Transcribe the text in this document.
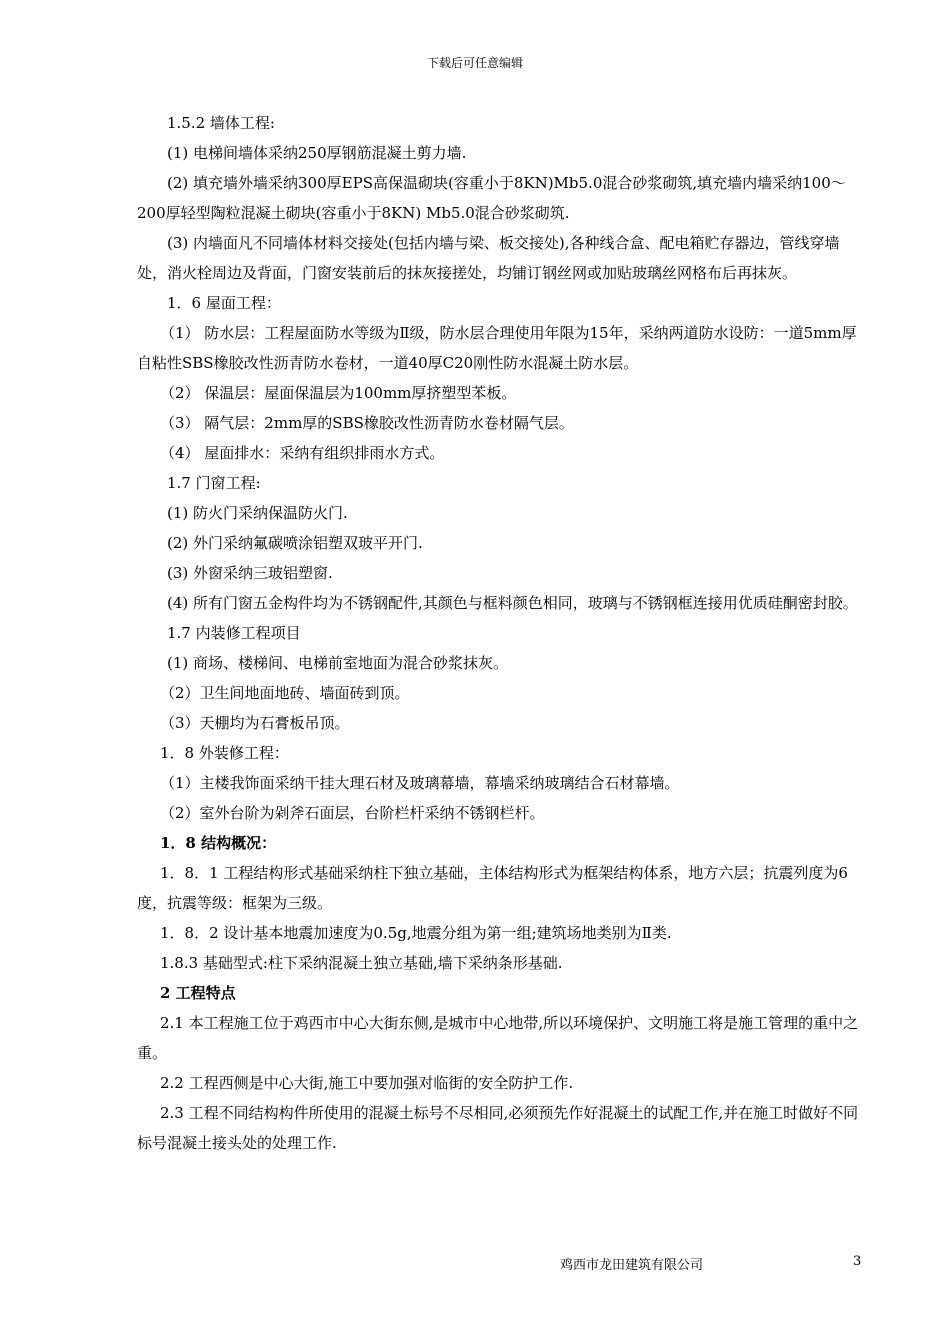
下载后可任意编辑

1.5.2 墙体工程:

(1) 电梯间墙体采纳250厚钢筋混凝土剪力墙.

(2) 填充墙外墙采纳300厚EPS高保温砌块(容重小于8KN)Mb5.0混合砂浆砌筑,填充墙内墙采纳100～200厚轻型陶粒混凝土砌块(容重小于8KN) Mb5.0混合砂浆砌筑.

(3) 内墙面凡不同墙体材料交接处(包括内墙与梁、板交接处),各种线合盒、配电箱贮存器边，管线穿墙处，消火栓周边及背面，门窗安装前后的抹灰接搓处，均铺订钢丝网或加贴玻璃丝网格布后再抹灰。

1．6 屋面工程：

（1） 防水层：工程屋面防水等级为Ⅱ级，防水层合理使用年限为15年，采纳两道防水设防：一道5mm厚自粘性SBS橡胶改性沥青防水卷材，一道40厚C20刚性防水混凝土防水层。

（2） 保温层：屋面保温层为100mm厚挤塑型苯板。

（3） 隔气层：2mm厚的SBS橡胶改性沥青防水卷材隔气层。

（4） 屋面排水：采纳有组织排雨水方式。

1.7 门窗工程:

(1) 防火门采纳保温防火门.

(2) 外门采纳氟碳喷涂铝塑双玻平开门.

(3) 外窗采纳三玻铝塑窗.

(4) 所有门窗五金构件均为不锈钢配件,其颜色与框料颜色相同，玻璃与不锈钢框连接用优质硅酮密封胶。

1.7 内装修工程项目

(1) 商场、楼梯间、电梯前室地面为混合砂浆抹灰。

（2）卫生间地面地砖、墙面砖到顶。

（3）天棚均为石膏板吊顶。

1．8 外装修工程：

（1）主楼我饰面采纳干挂大理石材及玻璃幕墙，幕墙采纳玻璃结合石材幕墙。

（2）室外台阶为剁斧石面层，台阶栏杆采纳不锈钢栏杆。

1．8 结构概况：

1．8．1 工程结构形式基础采纳柱下独立基础，主体结构形式为框架结构体系，地方六层；抗震列度为6度，抗震等级：框架为三级。

1．8．2 设计基本地震加速度为0.5g,地震分组为第一组;建筑场地类别为Ⅱ类.

1.8.3 基础型式:柱下采纳混凝土独立基础,墙下采纳条形基础.

2 工程特点

2.1 本工程施工位于鸡西市中心大街东侧,是城市中心地带,所以环境保护、文明施工将是施工管理的重中之重。

2.2 工程西侧是中心大街,施工中要加强对临街的安全防护工作.

2.3 工程不同结构构件所使用的混凝土标号不尽相同,必须预先作好混凝土的试配工作,并在施工时做好不同标号混凝土接头处的处理工作.

鸡西市龙田建筑有限公司	3
